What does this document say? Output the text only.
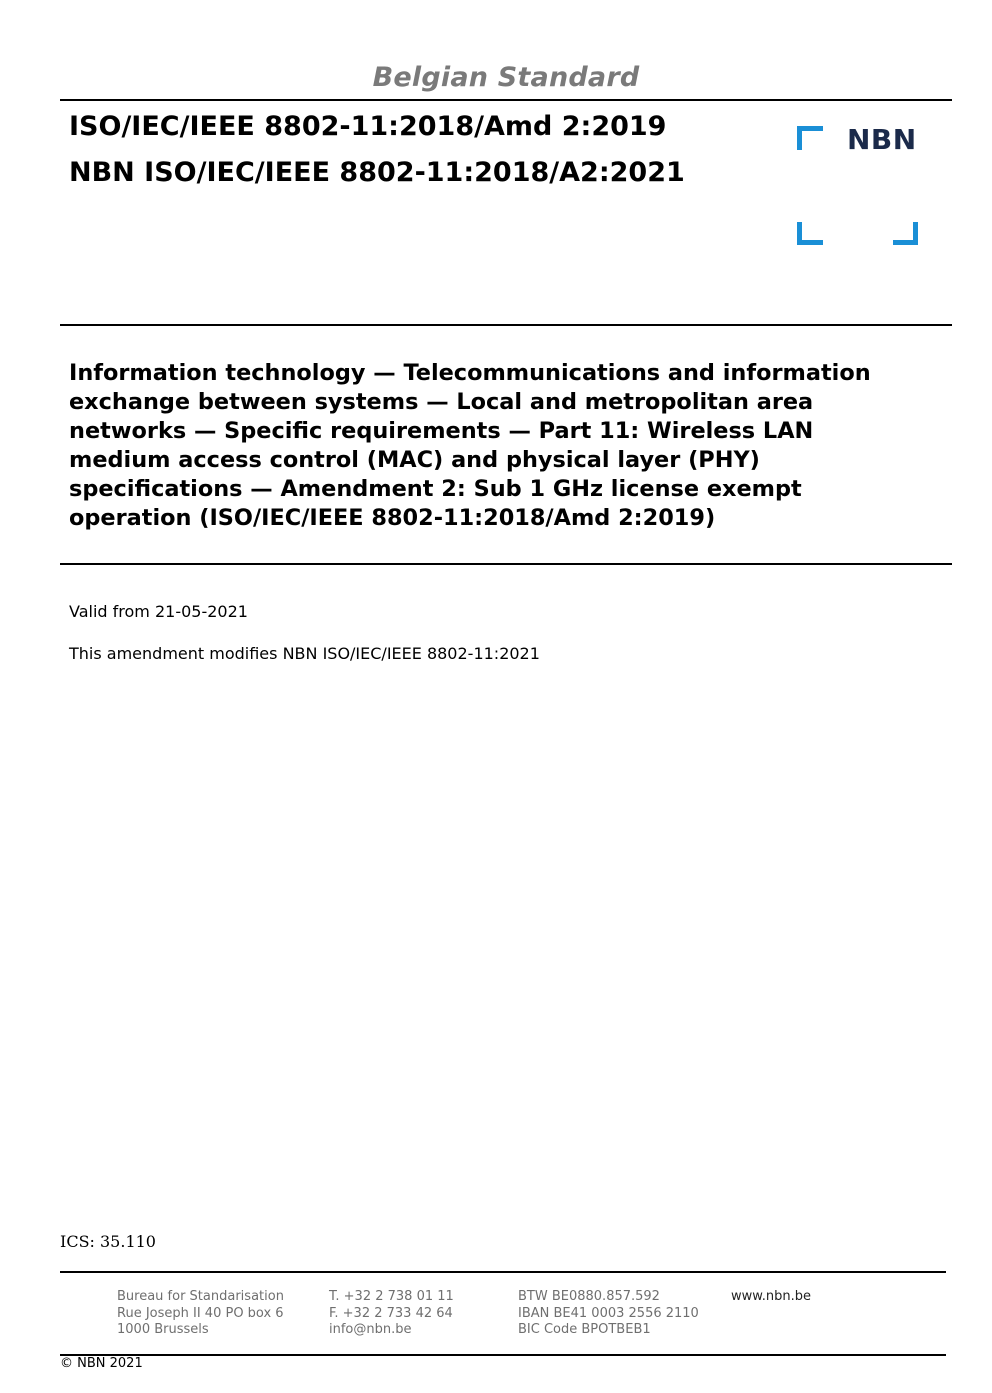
Belgian Standard
ISO/IEC/IEEE 8802-11:2018/Amd 2:2019
NBN ISO/IEC/IEEE 8802-11:2018/A2:2021
NBN
Information technology — Telecommunications and information
exchange between systems — Local and metropolitan area
networks — Specific requirements — Part 11: Wireless LAN
medium access control (MAC) and physical layer (PHY)
specifications — Amendment 2: Sub 1 GHz license exempt
operation (ISO/IEC/IEEE 8802-11:2018/Amd 2:2019)
Valid from 21-05-2021
This amendment modifies NBN ISO/IEC/IEEE 8802-11:2021
ICS: 35.110
Bureau for Standarisation
Rue Joseph II 40 PO box 6
1000 Brussels
T. +32 2 738 01 11
F. +32 2 733 42 64
info@nbn.be
BTW BE0880.857.592
IBAN BE41 0003 2556 2110
BIC Code BPOTBEB1
www.nbn.be
© NBN 2021
